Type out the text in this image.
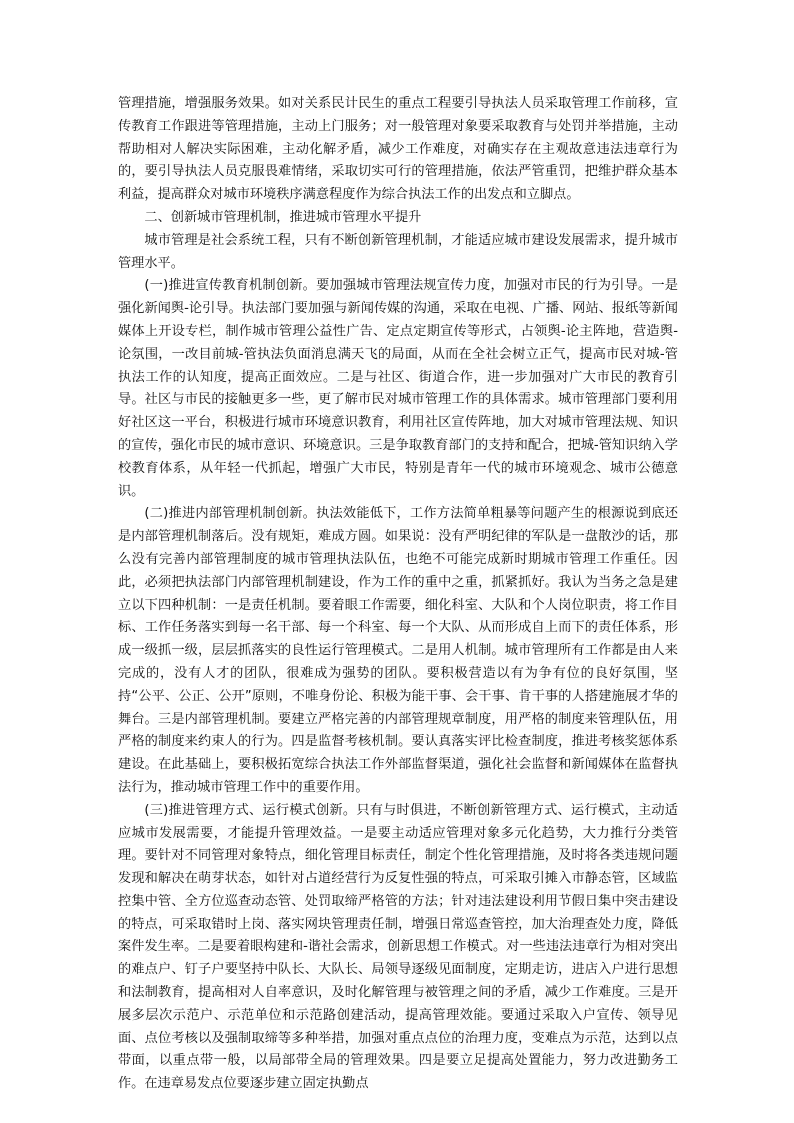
管理措施，增强服务效果。如对关系民计民生的重点工程要引导执法人员采取管理工作前移，宣传教育工作跟进等管理措施，主动上门服务；对一般管理对象要采取教育与处罚并举措施，主动帮助相对人解决实际困难，主动化解矛盾，减少工作难度，对确实存在主观故意违法违章行为的，要引导执法人员克服畏难情绪，采取切实可行的管理措施，依法严管重罚，把维护群众基本利益，提高群众对城市环境秩序满意程度作为综合执法工作的出发点和立脚点。

二、创新城市管理机制，推进城市管理水平提升

城市管理是社会系统工程，只有不断创新管理机制，才能适应城市建设发展需求，提升城市管理水平。

(一)推进宣传教育机制创新。要加强城市管理法规宣传力度，加强对市民的行为引导。一是强化新闻舆-论引导。执法部门要加强与新闻传媒的沟通，采取在电视、广播、网站、报纸等新闻媒体上开设专栏，制作城市管理公益性广告、定点定期宣传等形式，占领舆-论主阵地，营造舆-论氛围，一改目前城-管执法负面消息满天飞的局面，从而在全社会树立正气，提高市民对城-管执法工作的认知度，提高正面效应。二是与社区、街道合作，进一步加强对广大市民的教育引导。社区与市民的接触更多一些，更了解市民对城市管理工作的具体需求。城市管理部门要利用好社区这一平台，积极进行城市环境意识教育，利用社区宣传阵地，加大对城市管理法规、知识的宣传，强化市民的城市意识、环境意识。三是争取教育部门的支持和配合，把城-管知识纳入学校教育体系，从年轻一代抓起，增强广大市民，特别是青年一代的城市环境观念、城市公德意识。

(二)推进内部管理机制创新。执法效能低下，工作方法简单粗暴等问题产生的根源说到底还是内部管理机制落后。没有规矩，难成方圆。如果说：没有严明纪律的军队是一盘散沙的话，那么没有完善内部管理制度的城市管理执法队伍，也绝不可能完成新时期城市管理工作重任。因此，必须把执法部门内部管理机制建设，作为工作的重中之重，抓紧抓好。我认为当务之急是建立以下四种机制：一是责任机制。要着眼工作需要，细化科室、大队和个人岗位职责，将工作目标、工作任务落实到每一名干部、每一个科室、每一个大队、从而形成自上而下的责任体系，形成一级抓一级，层层抓落实的良性运行管理模式。二是用人机制。城市管理所有工作都是由人来完成的，没有人才的团队，很难成为强势的团队。要积极营造以有为争有位的良好氛围，坚持“公平、公正、公开”原则，不唯身份论、积极为能干事、会干事、肯干事的人搭建施展才华的舞台。三是内部管理机制。要建立严格完善的内部管理规章制度，用严格的制度来管理队伍，用严格的制度来约束人的行为。四是监督考核机制。要认真落实评比检查制度，推进考核奖惩体系建设。在此基础上，要积极拓宽综合执法工作外部监督渠道，强化社会监督和新闻媒体在监督执法行为，推动城市管理工作中的重要作用。

(三)推进管理方式、运行模式创新。只有与时俱进，不断创新管理方式、运行模式，主动适应城市发展需要，才能提升管理效益。一是要主动适应管理对象多元化趋势，大力推行分类管理。要针对不同管理对象特点，细化管理目标责任，制定个性化管理措施，及时将各类违规问题发现和解决在萌芽状态，如针对占道经营行为反复性强的特点，可采取引摊入市静态管，区域监控集中管、全方位巡查动态管、处罚取缔严格管的方法；针对违法建设利用节假日集中突击建设的特点，可采取错时上岗、落实网块管理责任制，增强日常巡查管控，加大治理查处力度，降低案件发生率。二是要着眼构建和-谐社会需求，创新思想工作模式。对一些违法违章行为相对突出的难点户、钉子户要坚持中队长、大队长、局领导逐级见面制度，定期走访，进店入户进行思想和法制教育，提高相对人自率意识，及时化解管理与被管理之间的矛盾，减少工作难度。三是开展多层次示范户、示范单位和示范路创建活动，提高管理效能。要通过采取入户宣传、领导见面、点位考核以及强制取缔等多种举措，加强对重点点位的治理力度，变难点为示范，达到以点带面，以重点带一般，以局部带全局的管理效果。四是要立足提高处置能力，努力改进勤务工作。在违章易发点位要逐步建立固定执勤点
